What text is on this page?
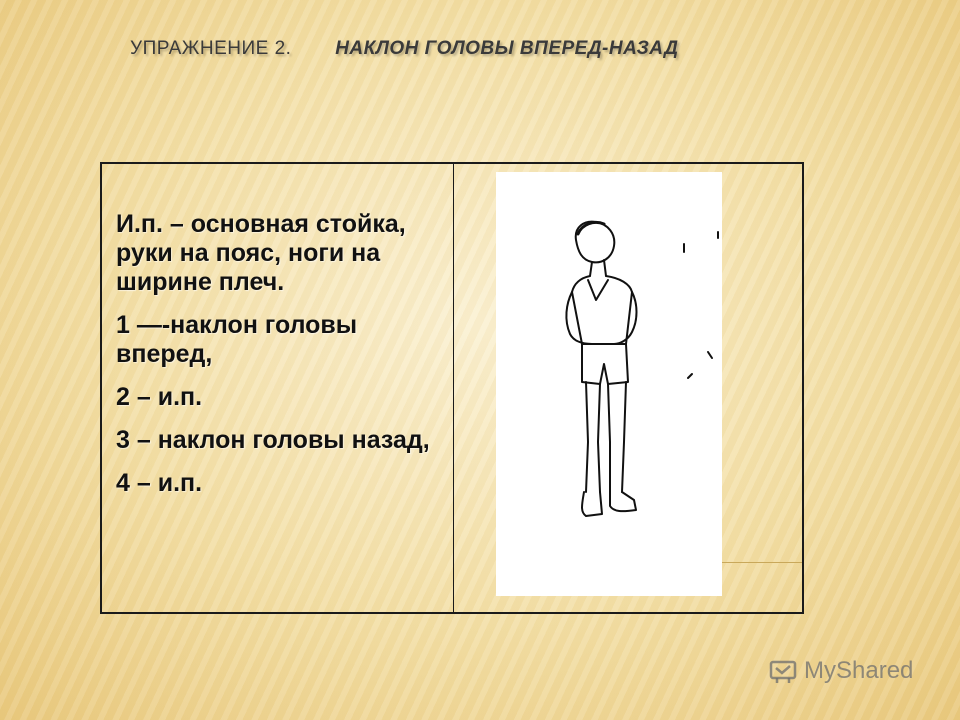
УПРАЖНЕНИЕ 2. НАКЛОН ГОЛОВЫ ВПЕРЕД-НАЗАД

И.п. – основная стойка, руки на пояс, ноги на ширине плеч.

1 —-наклон головы вперед,

2 – и.п.

3 – наклон головы назад,

4 – и.п.

MyShared
